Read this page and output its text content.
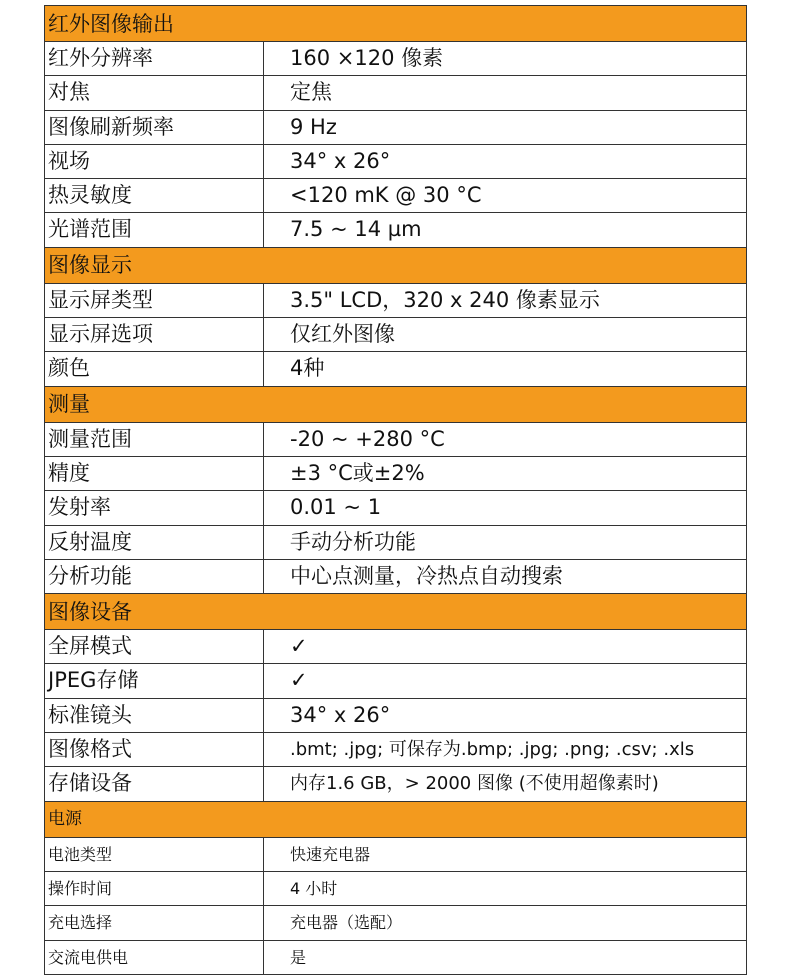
红外图像输出
红外分辨率	160 ×120 像素
对焦	定焦
图像刷新频率	9 Hz
视场	34° x 26°
热灵敏度	<120 mK @ 30 °C
光谱范围	7.5 ~ 14 µm
图像显示
显示屏类型	3.5" LCD，320 x 240 像素显示
显示屏选项	仅红外图像
颜色	4种
测量
测量范围	-20 ~ +280 °C
精度	±3 °C或±2%
发射率	0.01 ~ 1
反射温度	手动分析功能
分析功能	中心点测量，冷热点自动搜索
图像设备
全屏模式	✓
JPEG存储	✓
标准镜头	34° x 26°
图像格式	.bmt; .jpg; 可保存为.bmp; .jpg; .png; .csv; .xls
存储设备	内存1.6 GB，> 2000 图像 (不使用超像素时)
电源
电池类型	快速充电器
操作时间	4 小时
充电选择	充电器（选配）
交流电供电	是
